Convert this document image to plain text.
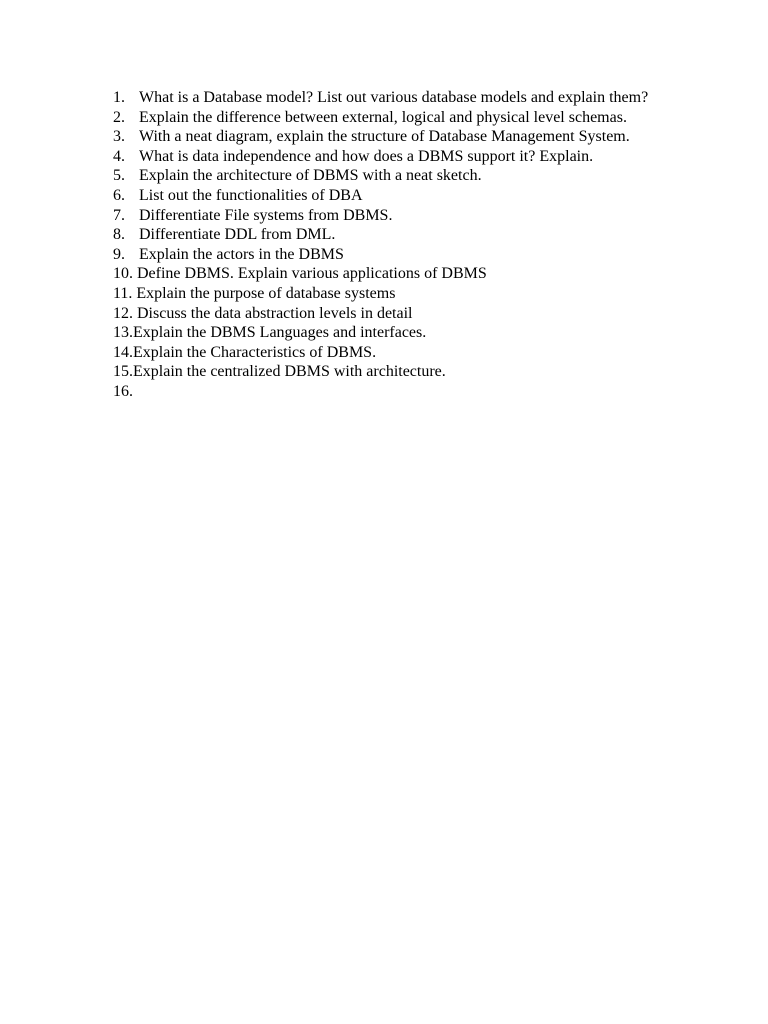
1. What is a Database model? List out various database models and explain them?
2. Explain the difference between external, logical and physical level schemas.
3. With a neat diagram, explain the structure of Database Management System.
4. What is data independence and how does a DBMS support it? Explain.
5. Explain the architecture of DBMS with a neat sketch.
6. List out the functionalities of DBA
7. Differentiate File systems from DBMS.
8. Differentiate DDL from DML.
9. Explain the actors in the DBMS
10. Define DBMS. Explain various applications of DBMS
11. Explain the purpose of database systems
12. Discuss the data abstraction levels in detail
13.Explain the DBMS Languages and interfaces.
14.Explain the Characteristics of DBMS.
15.Explain the centralized DBMS with architecture.
16.
